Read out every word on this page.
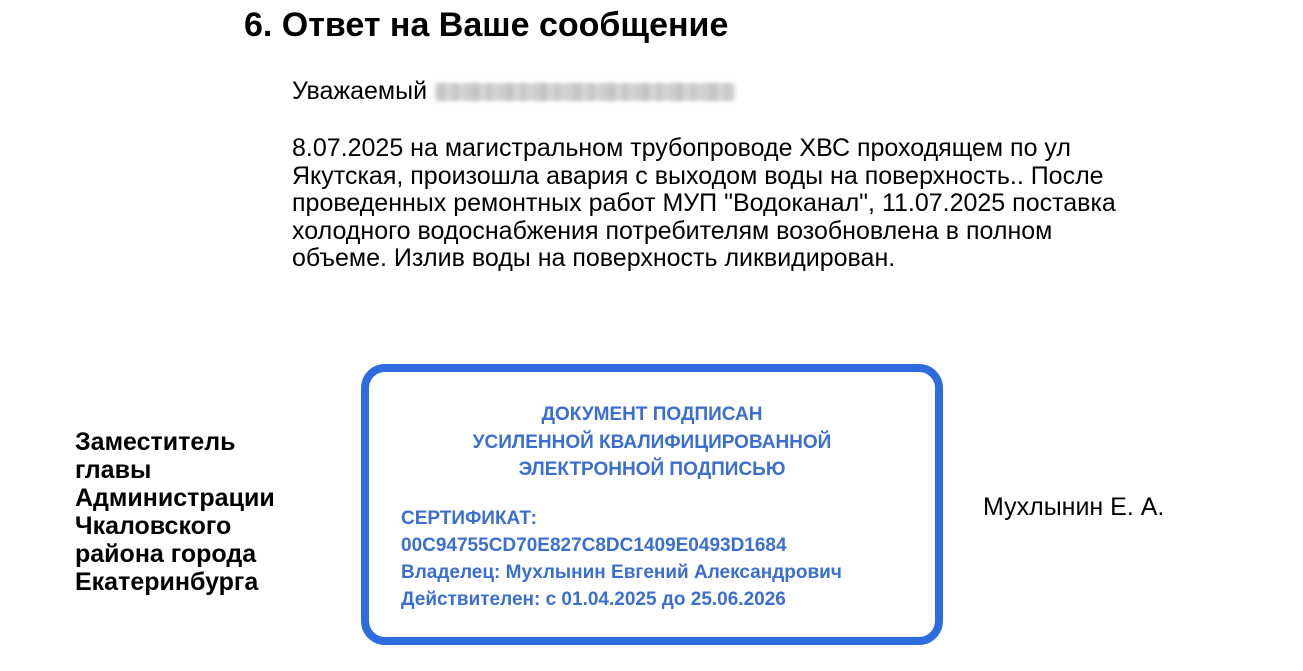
6. Ответ на Ваше сообщение
Уважаемый
8.07.2025 на магистральном трубопроводе ХВС проходящем по ул
Якутская, произошла авария с выходом воды на поверхность.. После
проведенных ремонтных работ МУП "Водоканал", 11.07.2025 поставка
холодного водоснабжения потребителям возобновлена в полном
объеме. Излив воды на поверхность ликвидирован.
Заместитель
главы
Администрации
Чкаловского
района города
Екатеринбурга
ДОКУМЕНТ ПОДПИСАН
УСИЛЕННОЙ КВАЛИФИЦИРОВАННОЙ
ЭЛЕКТРОННОЙ ПОДПИСЬЮ
СЕРТИФИКАТ:
00C94755CD70E827C8DC1409E0493D1684
Владелец: Мухлынин Евгений Александрович
Действителен: с 01.04.2025 до 25.06.2026
Мухлынин Е. А.
